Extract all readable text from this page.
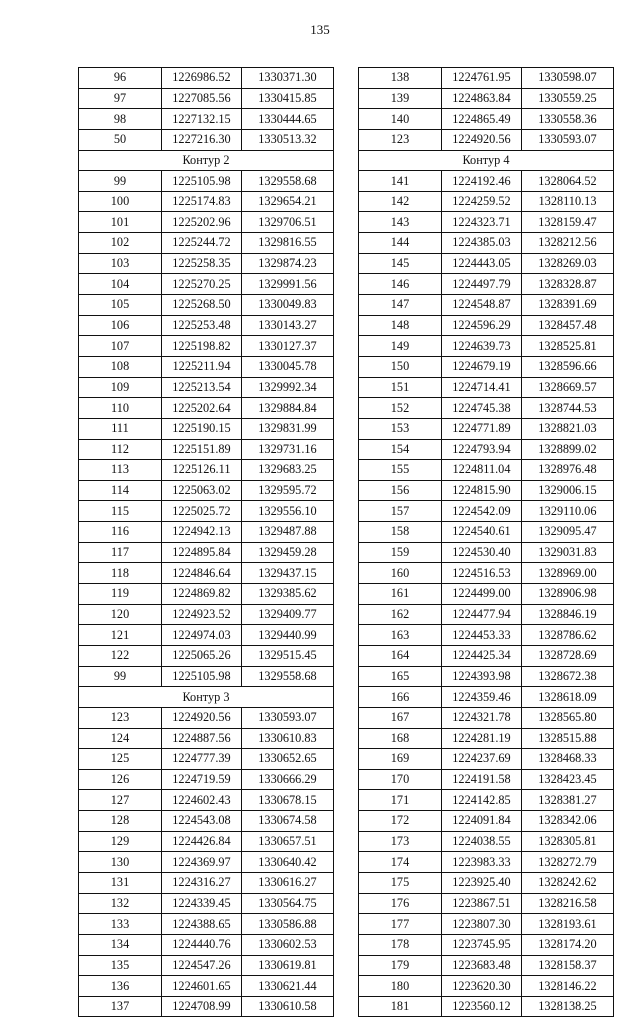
135
96	1226986.52	1330371.30
97	1227085.56	1330415.85
98	1227132.15	1330444.65
50	1227216.30	1330513.32
Контур 2		
99	1225105.98	1329558.68
100	1225174.83	1329654.21
101	1225202.96	1329706.51
102	1225244.72	1329816.55
103	1225258.35	1329874.23
104	1225270.25	1329991.56
105	1225268.50	1330049.83
106	1225253.48	1330143.27
107	1225198.82	1330127.37
108	1225211.94	1330045.78
109	1225213.54	1329992.34
110	1225202.64	1329884.84
111	1225190.15	1329831.99
112	1225151.89	1329731.16
113	1225126.11	1329683.25
114	1225063.02	1329595.72
115	1225025.72	1329556.10
116	1224942.13	1329487.88
117	1224895.84	1329459.28
118	1224846.64	1329437.15
119	1224869.82	1329385.62
120	1224923.52	1329409.77
121	1224974.03	1329440.99
122	1225065.26	1329515.45
99	1225105.98	1329558.68
Контур 3		
123	1224920.56	1330593.07
124	1224887.56	1330610.83
125	1224777.39	1330652.65
126	1224719.59	1330666.29
127	1224602.43	1330678.15
128	1224543.08	1330674.58
129	1224426.84	1330657.51
130	1224369.97	1330640.42
131	1224316.27	1330616.27
132	1224339.45	1330564.75
133	1224388.65	1330586.88
134	1224440.76	1330602.53
135	1224547.26	1330619.81
136	1224601.65	1330621.44
137	1224708.99	1330610.58
138	1224761.95	1330598.07
139	1224863.84	1330559.25
140	1224865.49	1330558.36
123	1224920.56	1330593.07
Контур 4		
141	1224192.46	1328064.52
142	1224259.52	1328110.13
143	1224323.71	1328159.47
144	1224385.03	1328212.56
145	1224443.05	1328269.03
146	1224497.79	1328328.87
147	1224548.87	1328391.69
148	1224596.29	1328457.48
149	1224639.73	1328525.81
150	1224679.19	1328596.66
151	1224714.41	1328669.57
152	1224745.38	1328744.53
153	1224771.89	1328821.03
154	1224793.94	1328899.02
155	1224811.04	1328976.48
156	1224815.90	1329006.15
157	1224542.09	1329110.06
158	1224540.61	1329095.47
159	1224530.40	1329031.83
160	1224516.53	1328969.00
161	1224499.00	1328906.98
162	1224477.94	1328846.19
163	1224453.33	1328786.62
164	1224425.34	1328728.69
165	1224393.98	1328672.38
166	1224359.46	1328618.09
167	1224321.78	1328565.80
168	1224281.19	1328515.88
169	1224237.69	1328468.33
170	1224191.58	1328423.45
171	1224142.85	1328381.27
172	1224091.84	1328342.06
173	1224038.55	1328305.81
174	1223983.33	1328272.79
175	1223925.40	1328242.62
176	1223867.51	1328216.58
177	1223807.30	1328193.61
178	1223745.95	1328174.20
179	1223683.48	1328158.37
180	1223620.30	1328146.22
181	1223560.12	1328138.25
